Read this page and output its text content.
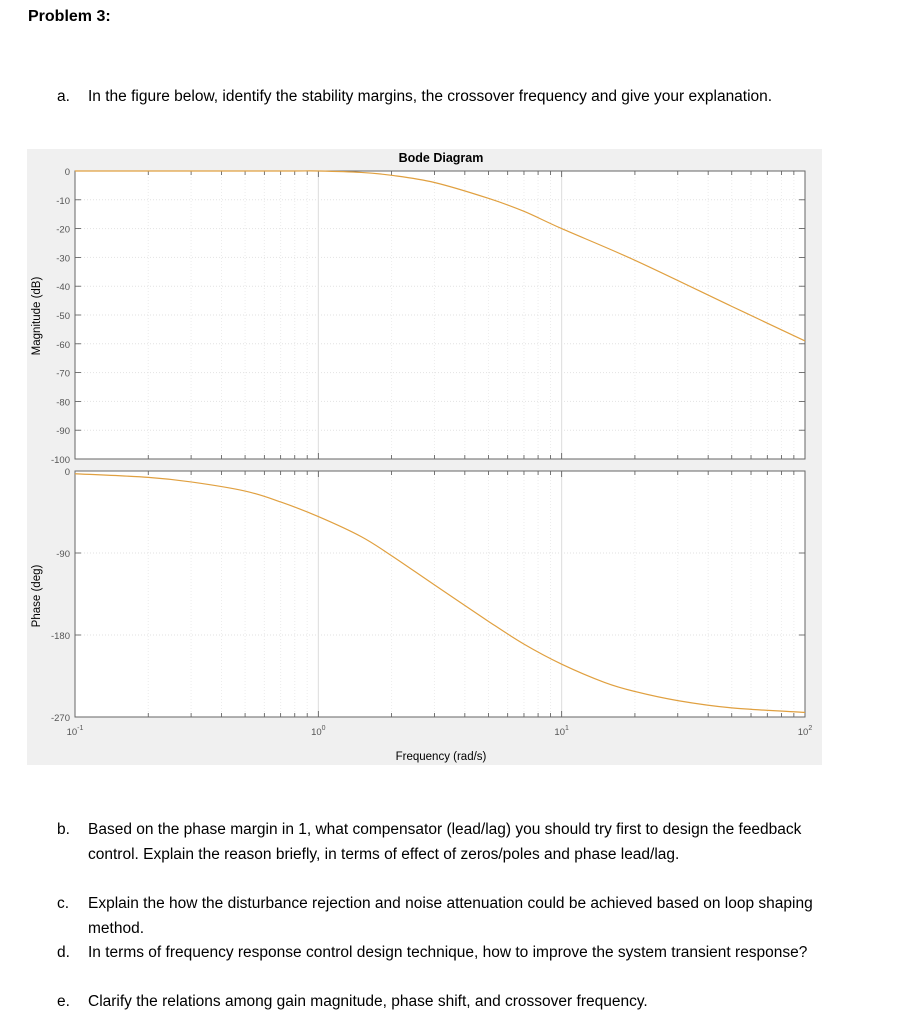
Problem 3:
a. In the figure below, identify the stability margins, the crossover frequency and give your explanation.
Bode Diagram
0
-10
-20
-30
-40
-50
-60
-70
-80
-90
-100
0
-90
-180
-270
Frequency (rad/s)
Magnitude (dB)
Phase (deg)
$10^{-1}$	$10^0$	$10^1$	$10^2$
b. Based on the phase margin in 1, what compensator (lead/lag) you should try first to design the feedback control. Explain the reason briefly, in terms of effect of zeros/poles and phase lead/lag.
c. Explain the how the disturbance rejection and noise attenuation could be achieved based on loop shaping method.
d. In terms of frequency response control design technique, how to improve the system transient response?
e. Clarify the relations among gain magnitude, phase shift, and crossover frequency.
